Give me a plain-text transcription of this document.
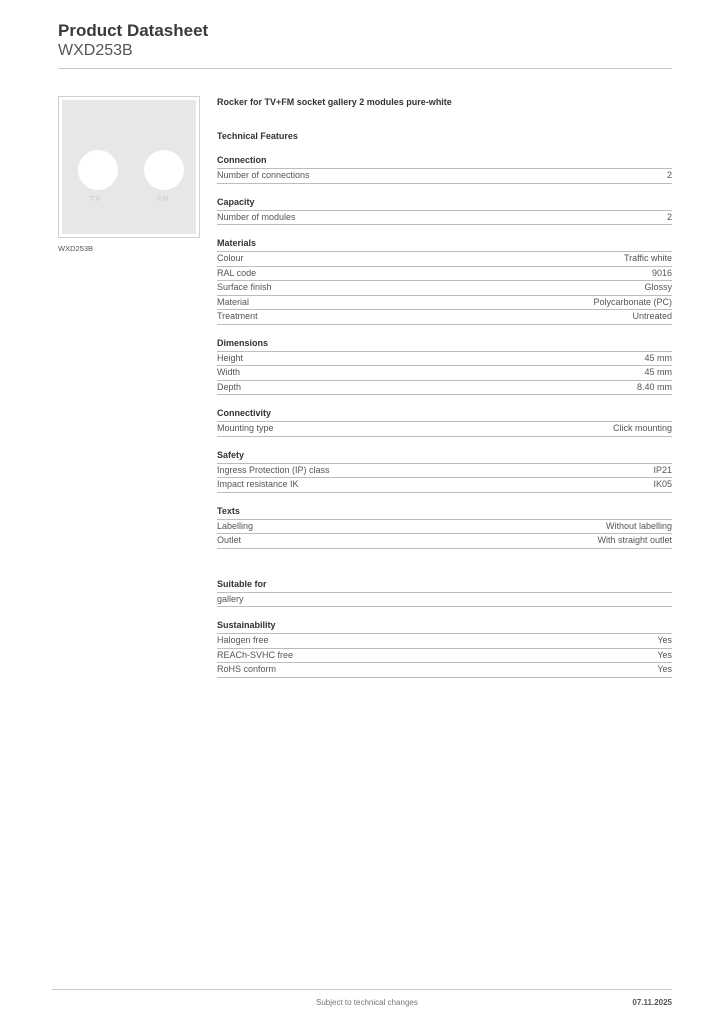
Product Datasheet
WXD253B
TV	FM
WXD253B
Rocker for TV+FM socket gallery 2 modules pure-white
Technical Features
Connection
Number of connections	2
Capacity
Number of modules	2
Materials
Colour	Traffic white
RAL code	9016
Surface finish	Glossy
Material	Polycarbonate (PC)
Treatment	Untreated
Dimensions
Height	45 mm
Width	45 mm
Depth	8.40 mm
Connectivity
Mounting type	Click mounting
Safety
Ingress Protection (IP) class	IP21
Impact resistance IK	IK05
Texts
Labelling	Without labelling
Outlet	With straight outlet
Suitable for
gallery
Sustainability
Halogen free	Yes
REACh-SVHC free	Yes
RoHS conform	Yes
Subject to technical changes	07.11.2025
